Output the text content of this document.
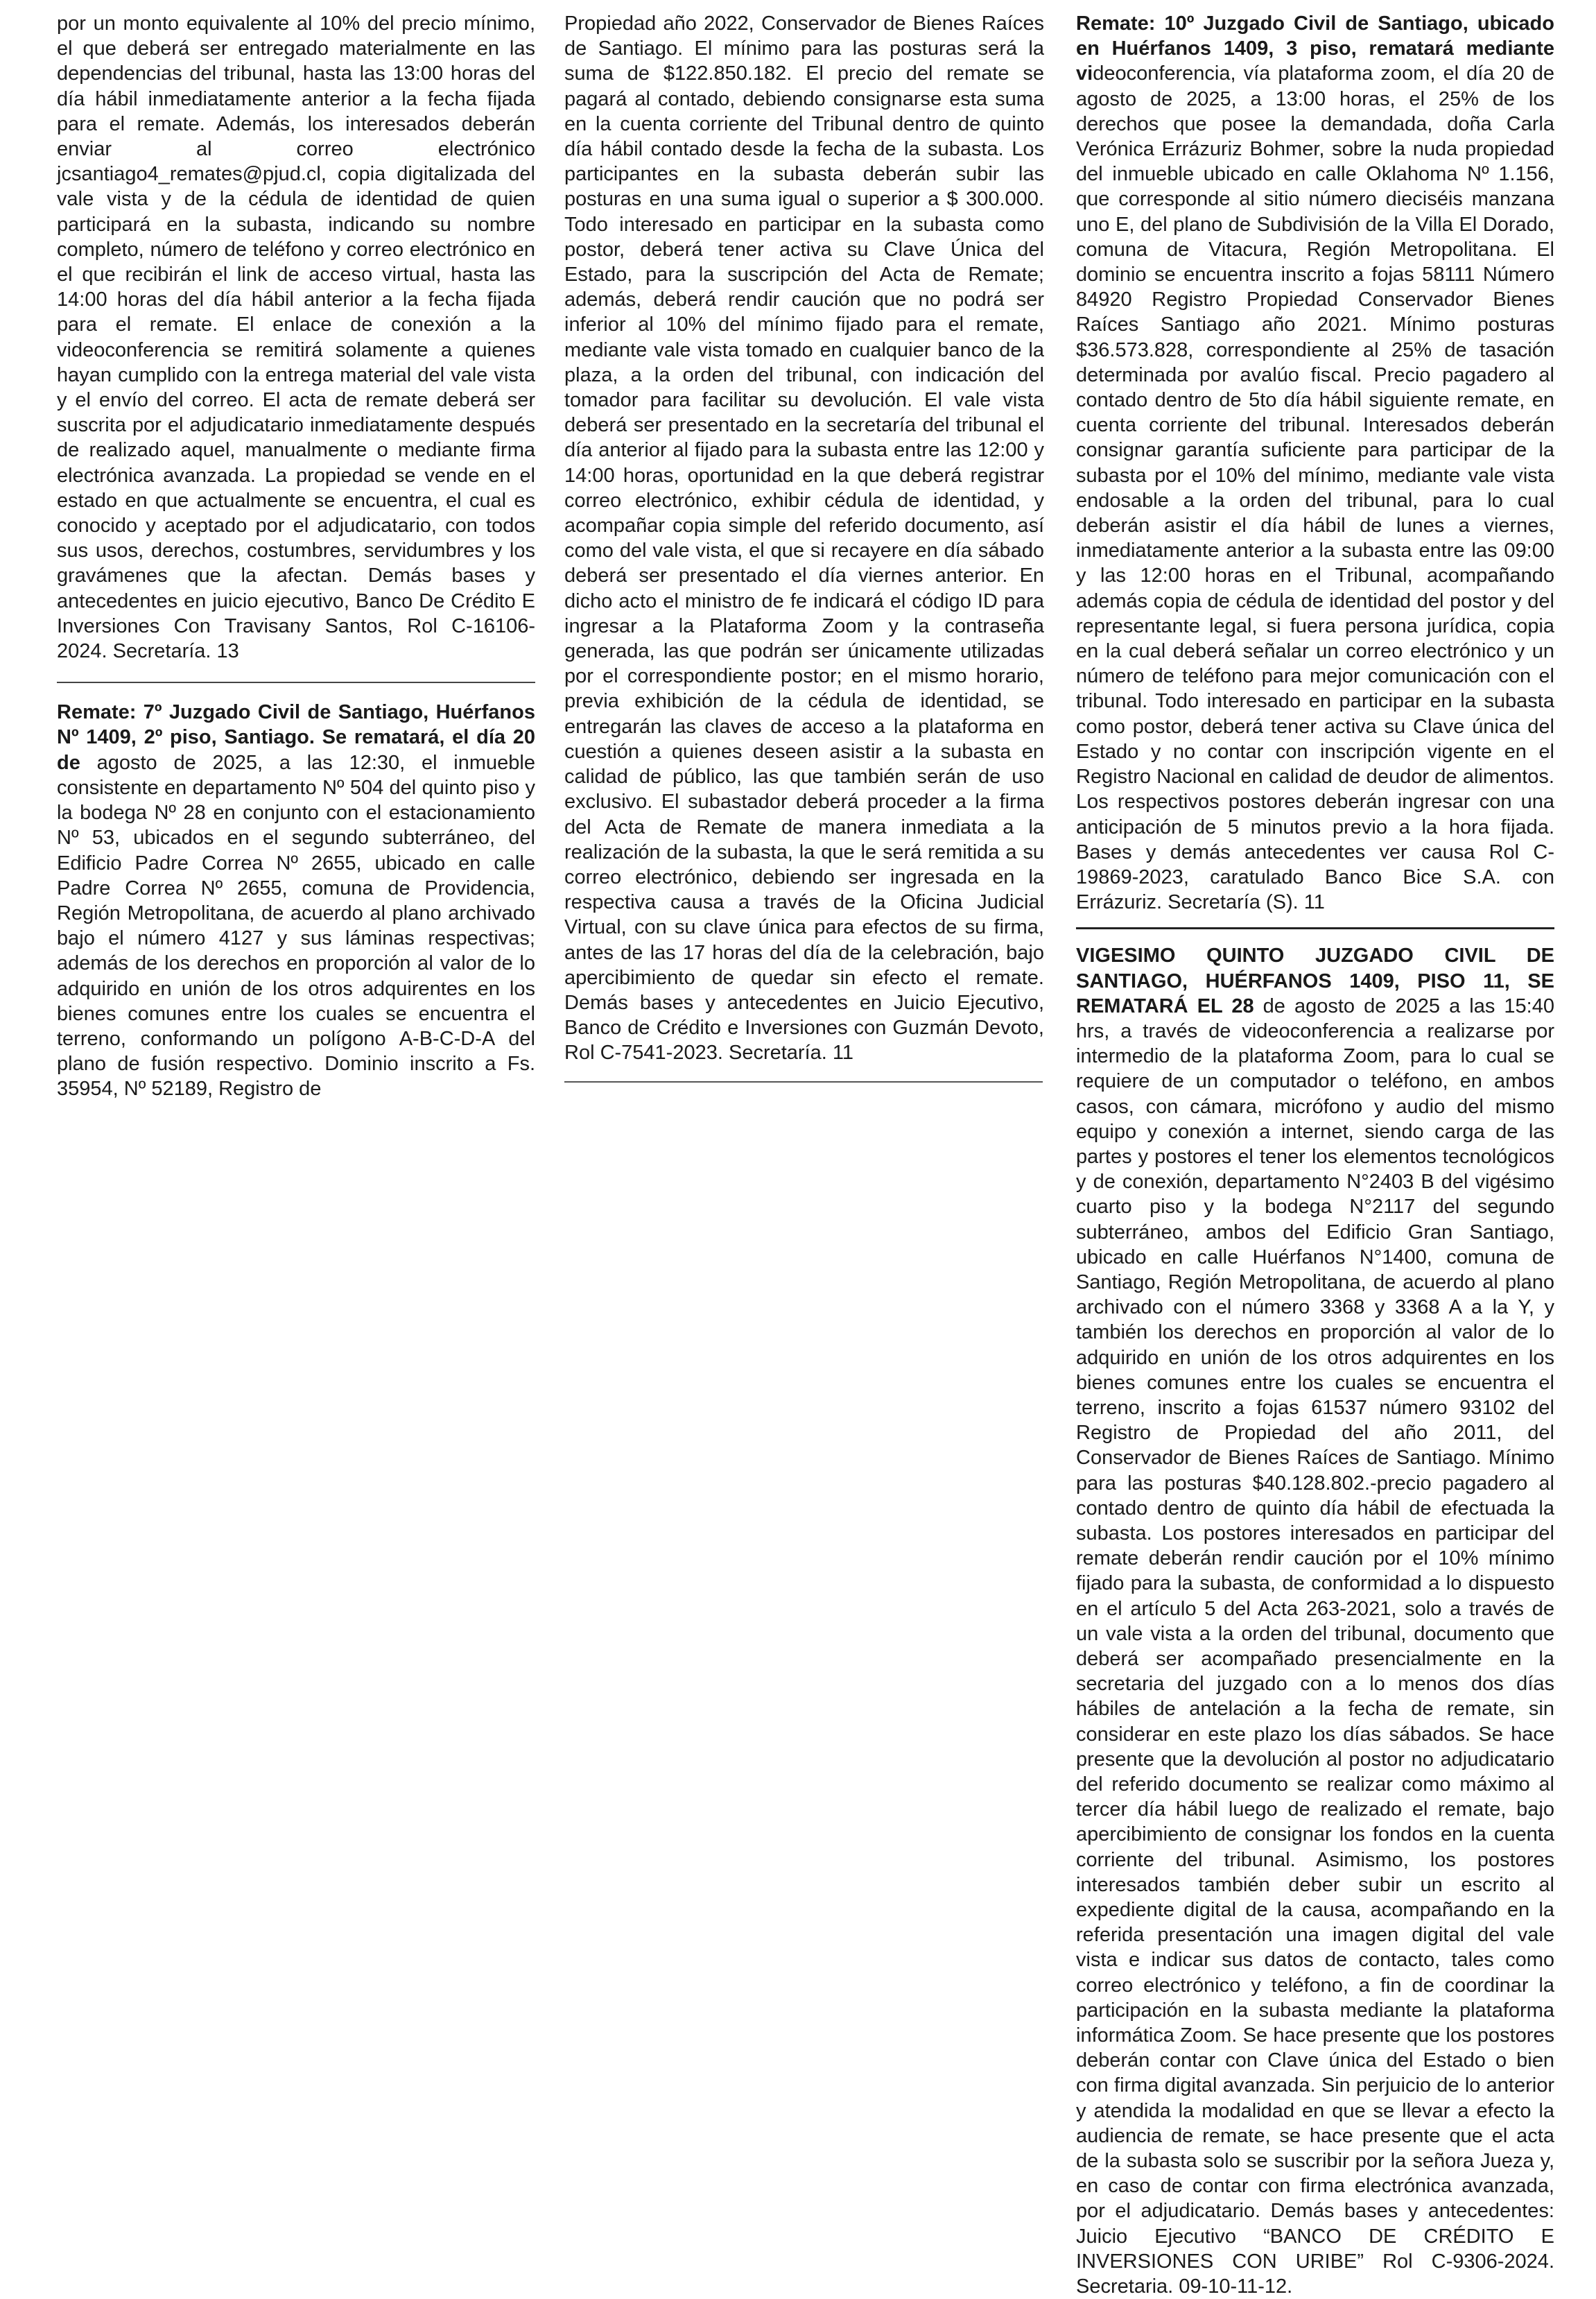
por un monto equivalente al 10% del precio mínimo, el que deberá ser entregado materialmente en las dependencias del tribunal, hasta las 13:00 horas del día hábil inmediatamente anterior a la fecha fijada para el remate. Además, los interesados deberán enviar al correo electrónico jcsantiago4_remates@pjud.cl, copia digitalizada del vale vista y de la cédula de identidad de quien participará en la subasta, indicando su nombre completo, número de teléfono y correo electrónico en el que recibirán el link de acceso virtual, hasta las 14:00 horas del día hábil anterior a la fecha fijada para el remate. El enlace de conexión a la videoconferencia se remitirá solamente a quienes hayan cumplido con la entrega material del vale vista y el envío del correo. El acta de remate deberá ser suscrita por el adjudicatario inmediatamente después de realizado aquel, manualmente o mediante firma electrónica avanzada. La propiedad se vende en el estado en que actualmente se encuentra, el cual es conocido y aceptado por el adjudicatario, con todos sus usos, derechos, costumbres, servidumbres y los gravámenes que la afectan. Demás bases y antecedentes en juicio ejecutivo, Banco De Crédito E Inversiones Con Travisany Santos, Rol C-16106-2024. Secretaría. 13

Remate: 7º Juzgado Civil de Santiago, Huérfanos Nº 1409, 2º piso, Santiago. Se rematará, el día 20 de agosto de 2025, a las 12:30, el inmueble consistente en departamento Nº 504 del quinto piso y la bodega Nº 28 en conjunto con el estacionamiento Nº 53, ubicados en el segundo subterráneo, del Edificio Padre Correa Nº 2655, ubicado en calle Padre Correa Nº 2655, comuna de Providencia, Región Metropolitana, de acuerdo al plano archivado bajo el número 4127 y sus láminas respectivas; además de los derechos en proporción al valor de lo adquirido en unión de los otros adquirentes en los bienes comunes entre los cuales se encuentra el terreno, conformando un polígono A-B-C-D-A del plano de fusión respectivo. Dominio inscrito a Fs. 35954, Nº 52189, Registro de

Propiedad año 2022, Conservador de Bienes Raíces de Santiago. El mínimo para las posturas será la suma de $122.850.182. El precio del remate se pagará al contado, debiendo consignarse esta suma en la cuenta corriente del Tribunal dentro de quinto día hábil contado desde la fecha de la subasta. Los participantes en la subasta deberán subir las posturas en una suma igual o superior a $ 300.000. Todo interesado en participar en la subasta como postor, deberá tener activa su Clave Única del Estado, para la suscripción del Acta de Remate; además, deberá rendir caución que no podrá ser inferior al 10% del mínimo fijado para el remate, mediante vale vista tomado en cualquier banco de la plaza, a la orden del tribunal, con indicación del tomador para facilitar su devolución. El vale vista deberá ser presentado en la secretaría del tribunal el día anterior al fijado para la subasta entre las 12:00 y 14:00 horas, oportunidad en la que deberá registrar correo electrónico, exhibir cédula de identidad, y acompañar copia simple del referido documento, así como del vale vista, el que si recayere en día sábado deberá ser presentado el día viernes anterior. En dicho acto el ministro de fe indicará el código ID para ingresar a la Plataforma Zoom y la contraseña generada, las que podrán ser únicamente utilizadas por el correspondiente postor; en el mismo horario, previa exhibición de la cédula de identidad, se entregarán las claves de acceso a la plataforma en cuestión a quienes deseen asistir a la subasta en calidad de público, las que también serán de uso exclusivo. El subastador deberá proceder a la firma del Acta de Remate de manera inmediata a la realización de la subasta, la que le será remitida a su correo electrónico, debiendo ser ingresada en la respectiva causa a través de la Oficina Judicial Virtual, con su clave única para efectos de su firma, antes de las 17 horas del día de la celebración, bajo apercibimiento de quedar sin efecto el remate. Demás bases y antecedentes en Juicio Ejecutivo, Banco de Crédito e Inversiones con Guzmán Devoto, Rol C-7541-2023. Secretaría. 11

Remate: 10º Juzgado Civil de Santiago, ubicado en Huérfanos 1409, 3 piso, rematará mediante videoconferencia, vía plataforma zoom, el día 20 de agosto de 2025, a 13:00 horas, el 25% de los derechos que posee la demandada, doña Carla Verónica Errázuriz Bohmer, sobre la nuda propiedad del inmueble ubicado en calle Oklahoma Nº 1.156, que corresponde al sitio número dieciséis manzana uno E, del plano de Subdivisión de la Villa El Dorado, comuna de Vitacura, Región Metropolitana. El dominio se encuentra inscrito a fojas 58111 Número 84920 Registro Propiedad Conservador Bienes Raíces Santiago año 2021. Mínimo posturas $36.573.828, correspondiente al 25% de tasación determinada por avalúo fiscal. Precio pagadero al contado dentro de 5to día hábil siguiente remate, en cuenta corriente del tribunal. Interesados deberán consignar garantía suficiente para participar de la subasta por el 10% del mínimo, mediante vale vista endosable a la orden del tribunal, para lo cual deberán asistir el día hábil de lunes a viernes, inmediatamente anterior a la subasta entre las 09:00 y las 12:00 horas en el Tribunal, acompañando además copia de cédula de identidad del postor y del representante legal, si fuera persona jurídica, copia en la cual deberá señalar un correo electrónico y un número de teléfono para mejor comunicación con el tribunal. Todo interesado en participar en la subasta como postor, deberá tener activa su Clave única del Estado y no contar con inscripción vigente en el Registro Nacional en calidad de deudor de alimentos. Los respectivos postores deberán ingresar con una anticipación de 5 minutos previo a la hora fijada. Bases y demás antecedentes ver causa Rol C-19869-2023, caratulado Banco Bice S.A. con Errázuriz. Secretaría (S). 11

VIGESIMO QUINTO JUZGADO CIVIL DE SANTIAGO, HUÉRFANOS 1409, PISO 11, SE REMATARÁ EL 28 de agosto de 2025 a las 15:40 hrs, a través de videoconferencia a realizarse por intermedio de la plataforma Zoom, para lo cual se requiere de un computador o teléfono, en ambos casos, con cámara, micrófono y audio del mismo equipo y conexión a internet, siendo carga de las partes y postores el tener los elementos tecnológicos y de conexión, departamento N°2403 B del vigésimo cuarto piso y la bodega N°2117 del segundo subterráneo, ambos del Edificio Gran Santiago, ubicado en calle Huérfanos N°1400, comuna de Santiago, Región Metropolitana, de acuerdo al plano archivado con el número 3368 y 3368 A a la Y, y también los derechos en proporción al valor de lo adquirido en unión de los otros adquirentes en los bienes comunes entre los cuales se encuentra el terreno, inscrito a fojas 61537 número 93102 del Registro de Propiedad del año 2011, del Conservador de Bienes Raíces de Santiago. Mínimo para las posturas $40.128.802.-precio pagadero al contado dentro de quinto día hábil de efectuada la subasta. Los postores interesados en participar del remate deberán rendir caución por el 10% mínimo fijado para la subasta, de conformidad a lo dispuesto en el artículo 5 del Acta 263-2021, solo a través de un vale vista a la orden del tribunal, documento que deberá ser acompañado presencialmente en la secretaria del juzgado con a lo menos dos días hábiles de antelación a la fecha de remate, sin considerar en este plazo los días sábados. Se hace presente que la devolución al postor no adjudicatario del referido documento se realizar como máximo al tercer día hábil luego de realizado el remate, bajo apercibimiento de consignar los fondos en la cuenta corriente del tribunal. Asimismo, los postores interesados también deber subir un escrito al expediente digital de la causa, acompañando en la referida presentación una imagen digital del vale vista e indicar sus datos de contacto, tales como correo electrónico y teléfono, a fin de coordinar la participación en la subasta mediante la plataforma informática Zoom. Se hace presente que los postores deberán contar con Clave única del Estado o bien con firma digital avanzada. Sin perjuicio de lo anterior y atendida la modalidad en que se llevar a efecto la audiencia de remate, se hace presente que el acta de la subasta solo se suscribir por la señora Jueza y, en caso de contar con firma electrónica avanzada, por el adjudicatario. Demás bases y antecedentes: Juicio Ejecutivo “BANCO DE CRÉDITO E INVERSIONES CON URIBE” Rol C-9306-2024. Secretaria. 09-10-11-12.
